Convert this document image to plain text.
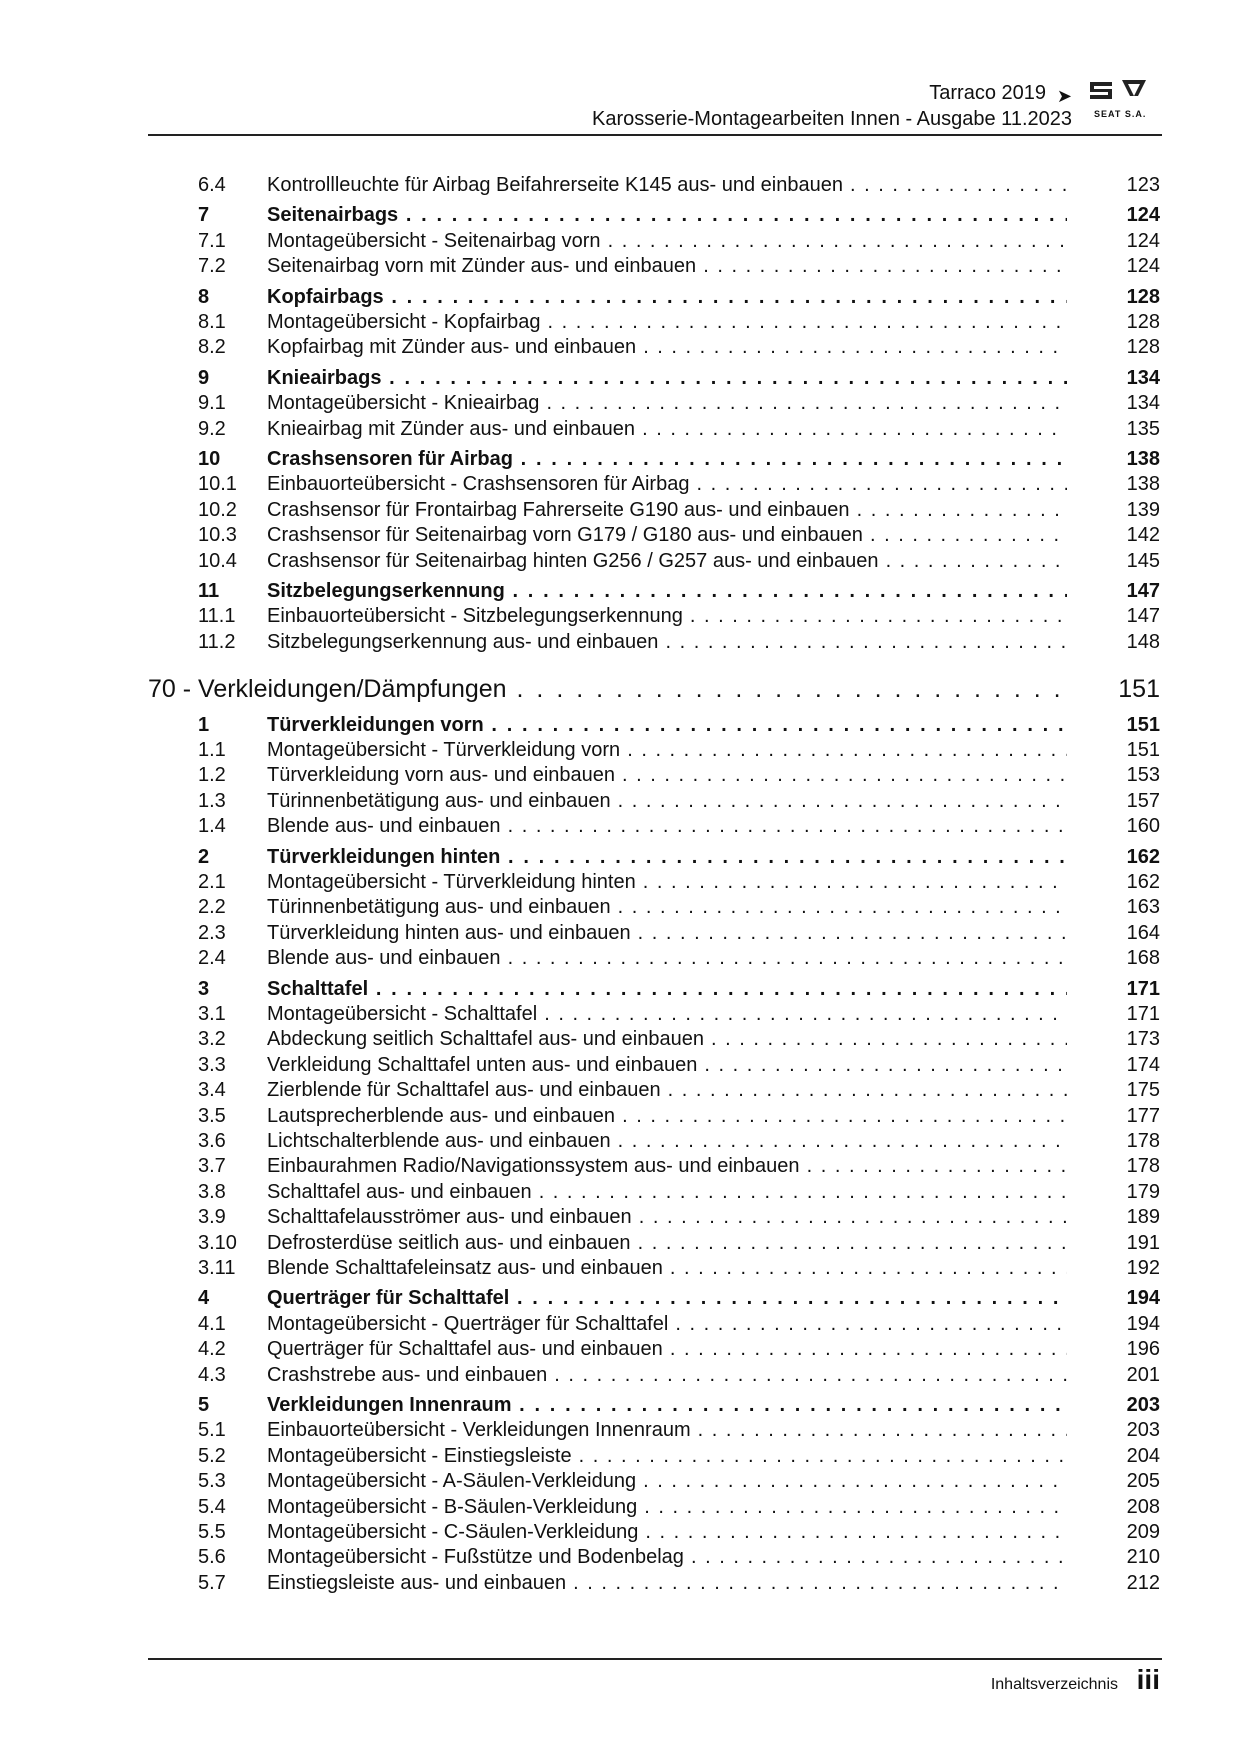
Tarraco 2019 ➤
Karosserie-Montagearbeiten Innen - Ausgabe 11.2023 SEAT S.A.
6.4 Kontrollleuchte für Airbag Beifahrerseite K145 aus- und einbauen . . .	123
7	Seitenairbags . . .	124
7.1 Montageübersicht - Seitenairbag vorn . . .	124
7.2 Seitenairbag vorn mit Zünder aus- und einbauen . . .	124
8	Kopfairbags . . .	128
8.1 Montageübersicht - Kopfairbag . . .	128
8.2 Kopfairbag mit Zünder aus- und einbauen . . .	128
9	Knieairbags . . .	134
9.1 Montageübersicht - Knieairbag . . .	134
9.2 Knieairbag mit Zünder aus- und einbauen . . .	135
10 Crashsensoren für Airbag . . .	138
10.1 Einbauorteübersicht - Crashsensoren für Airbag . . .	138
10.2 Crashsensor für Frontairbag Fahrerseite G190 aus- und einbauen . . .	139
10.3 Crashsensor für Seitenairbag vorn G179 / G180 aus- und einbauen . . .	142
10.4 Crashsensor für Seitenairbag hinten G256 / G257 aus- und einbauen . . .	145
11 Sitzbelegungserkennung . . .	147
11.1 Einbauorteübersicht - Sitzbelegungserkennung . . .	147
11.2 Sitzbelegungserkennung aus- und einbauen . . .	148
70 - Verkleidungen/Dämpfungen . . .	151
1	Türverkleidungen vorn . . .	151
1.1 Montageübersicht - Türverkleidung vorn . . .	151
1.2 Türverkleidung vorn aus- und einbauen . . .	153
1.3 Türinnenbetätigung aus- und einbauen . . .	157
1.4 Blende aus- und einbauen . . .	160
2	Türverkleidungen hinten . . .	162
2.1 Montageübersicht - Türverkleidung hinten . . .	162
2.2 Türinnenbetätigung aus- und einbauen . . .	163
2.3 Türverkleidung hinten aus- und einbauen . . .	164
2.4 Blende aus- und einbauen . . .	168
3	Schalttafel . . .	171
3.1 Montageübersicht - Schalttafel . . .	171
3.2 Abdeckung seitlich Schalttafel aus- und einbauen . . .	173
3.3 Verkleidung Schalttafel unten aus- und einbauen . . .	174
3.4 Zierblende für Schalttafel aus- und einbauen . . .	175
3.5 Lautsprecherblende aus- und einbauen . . .	177
3.6 Lichtschalterblende aus- und einbauen . . .	178
3.7 Einbaurahmen Radio/Navigationssystem aus- und einbauen . . .	178
3.8 Schalttafel aus- und einbauen . . .	179
3.9 Schalttafelausströmer aus- und einbauen . . .	189
3.10 Defrosterdüse seitlich aus- und einbauen . . .	191
3.11 Blende Schalttafeleinsatz aus- und einbauen . . .	192
4	Querträger für Schalttafel . . .	194
4.1 Montageübersicht - Querträger für Schalttafel . . .	194
4.2 Querträger für Schalttafel aus- und einbauen . . .	196
4.3 Crashstrebe aus- und einbauen . . .	201
5	Verkleidungen Innenraum . . .	203
5.1 Einbauorteübersicht - Verkleidungen Innenraum . . .	203
5.2 Montageübersicht - Einstiegsleiste . . .	204
5.3 Montageübersicht - A-Säulen-Verkleidung . . .	205
5.4 Montageübersicht - B-Säulen-Verkleidung . . .	208
5.5 Montageübersicht - C-Säulen-Verkleidung . . .	209
5.6 Montageübersicht - Fußstütze und Bodenbelag . . .	210
5.7 Einstiegsleiste aus- und einbauen . . .	212
Inhaltsverzeichnis iii
